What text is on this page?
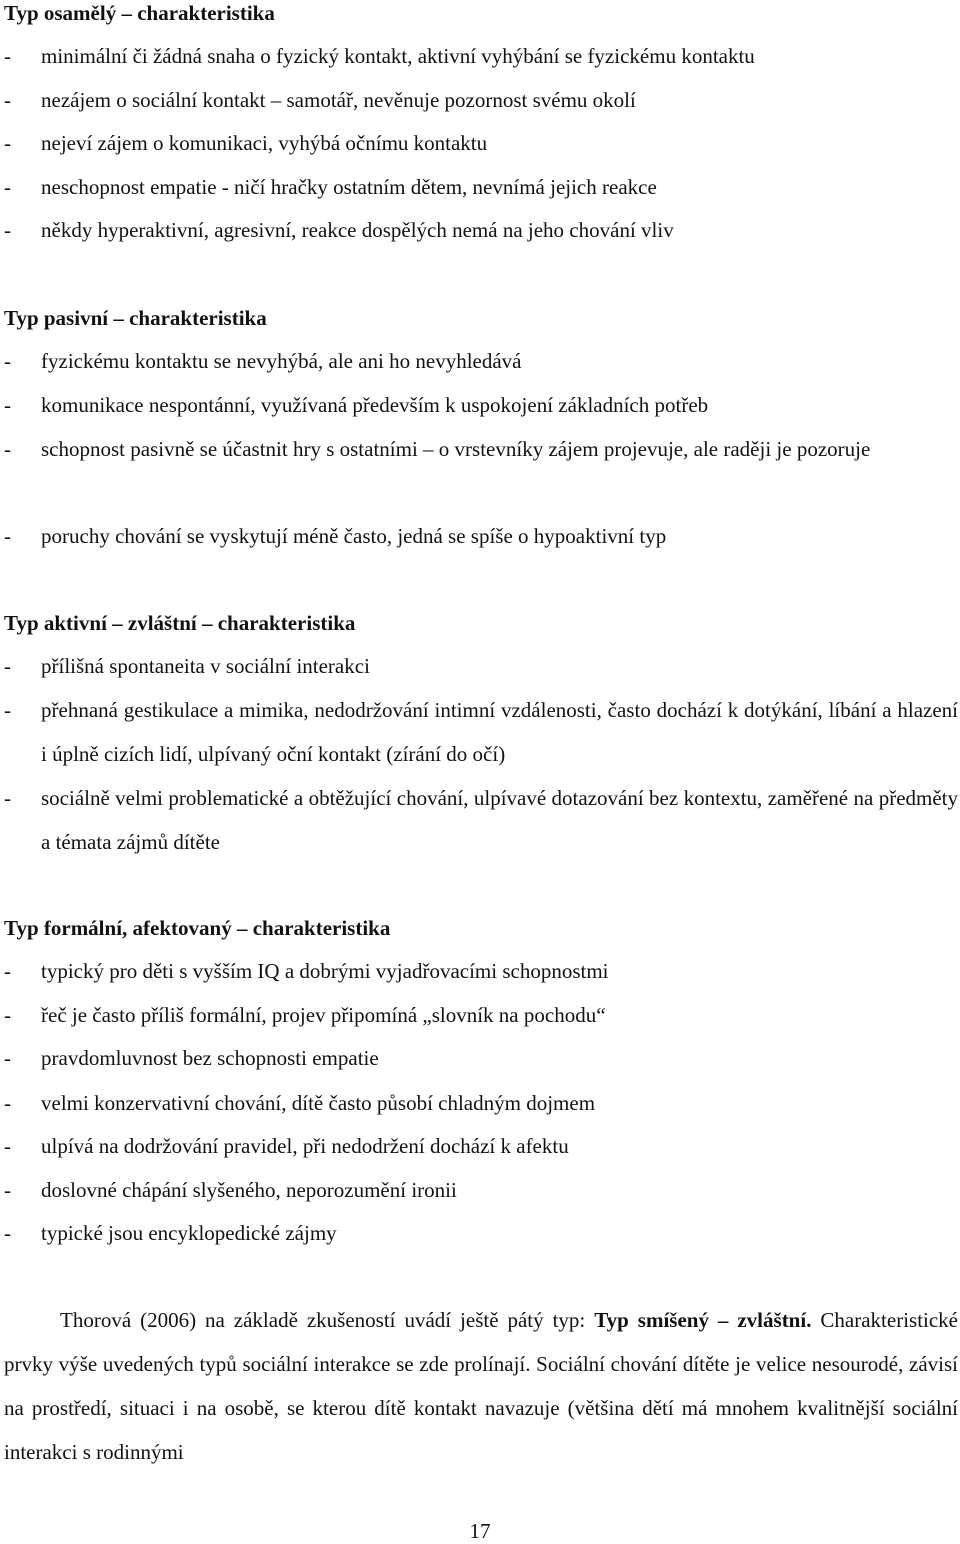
Typ osamělý – charakteristika
- minimální či žádná snaha o fyzický kontakt, aktivní vyhýbání se fyzickému kontaktu
- nezájem o sociální kontakt – samotář, nevěnuje pozornost svému okolí
- nejeví zájem o komunikaci, vyhýbá očnímu kontaktu
- neschopnost empatie - ničí hračky ostatním dětem, nevnímá jejich reakce
- někdy hyperaktivní, agresivní, reakce dospělých nemá na jeho chování vliv
Typ pasivní – charakteristika
- fyzickému kontaktu se nevyhýbá, ale ani ho nevyhledává
- komunikace nespontánní, využívaná především k uspokojení základních potřeb
- schopnost pasivně se účastnit hry s ostatními – o vrstevníky zájem projevuje, ale raději je pozoruje
- poruchy chování se vyskytují méně často, jedná se spíše o hypoaktivní typ
Typ aktivní – zvláštní – charakteristika
- přílišná spontaneita v sociální interakci
- přehnaná gestikulace a mimika, nedodržování intimní vzdálenosti, často dochází k dotýkání, líbání a hlazení i úplně cizích lidí, ulpívaný oční kontakt (zírání do očí)
- sociálně velmi problematické a obtěžující chování, ulpívavé dotazování bez kontextu, zaměřené na předměty a témata zájmů dítěte
Typ formální, afektovaný – charakteristika
- typický pro děti s vyšším IQ a dobrými vyjadřovacími schopnostmi
- řeč je často příliš formální, projev připomíná „slovník na pochodu“
- pravdomluvnost bez schopnosti empatie
- velmi konzervativní chování, dítě často působí chladným dojmem
- ulpívá na dodržování pravidel, při nedodržení dochází k afektu
- doslovné chápání slyšeného, neporozumění ironii
- typické jsou encyklopedické zájmy
Thorová (2006) na základě zkušeností uvádí ještě pátý typ: Typ smíšený – zvláštní. Charakteristické prvky výše uvedených typů sociální interakce se zde prolínají. Sociální chování dítěte je velice nesourodé, závisí na prostředí, situaci i na osobě, se kterou dítě kontakt navazuje (většina dětí má mnohem kvalitnější sociální interakci s rodinnými
17
